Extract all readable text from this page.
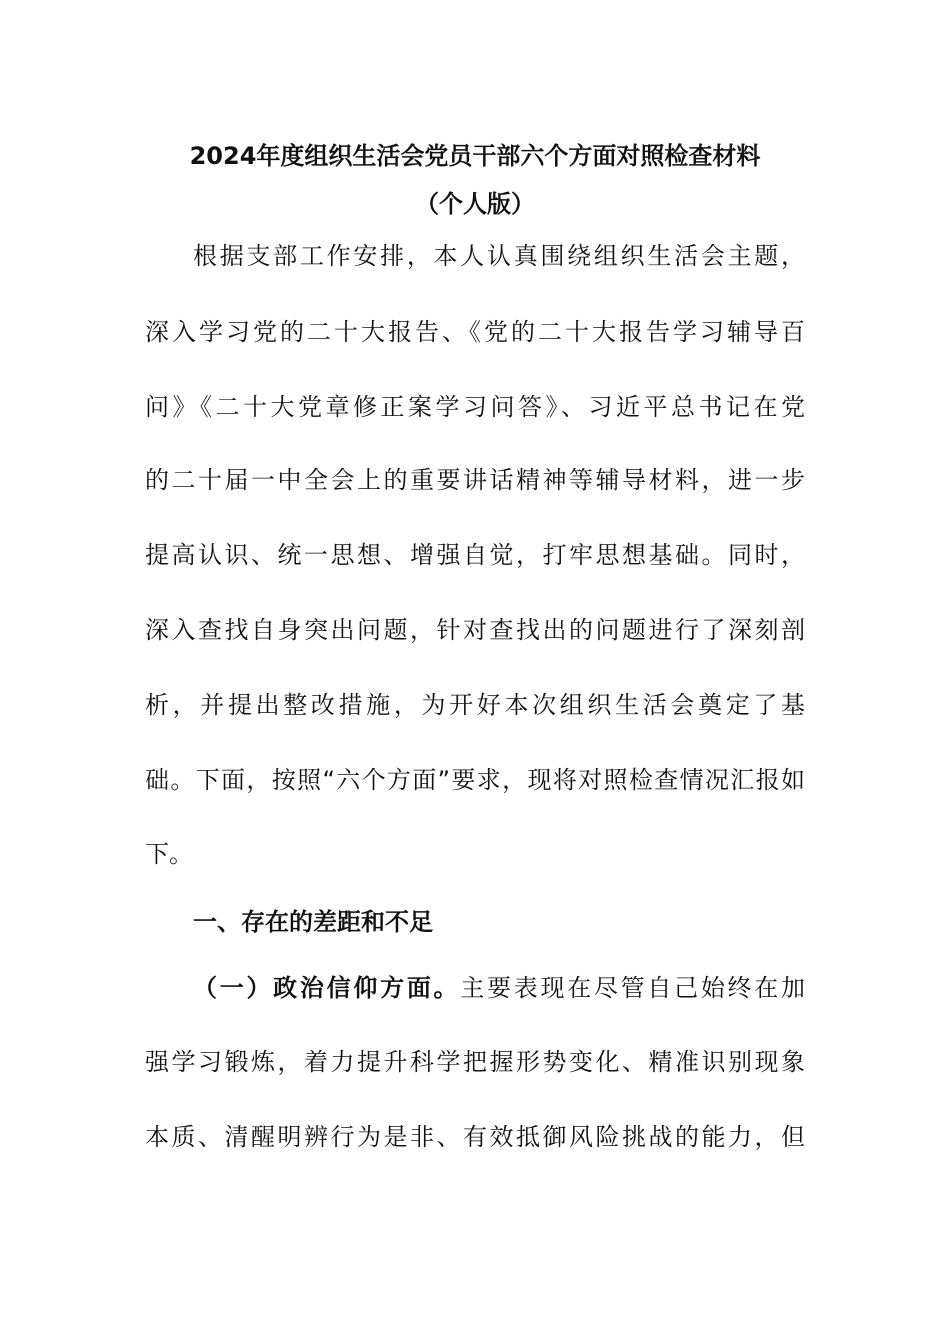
2024年度组织生活会党员干部六个方面对照检查材料
（个人版）
根据支部工作安排，本人认真围绕组织生活会主题，
深入学习党的二十大报告、《党的二十大报告学习辅导百
问》《二十大党章修正案学习问答》、习近平总书记在党
的二十届一中全会上的重要讲话精神等辅导材料，进一步
提高认识、统一思想、增强自觉，打牢思想基础。同时，
深入查找自身突出问题，针对查找出的问题进行了深刻剖
析，并提出整改措施，为开好本次组织生活会奠定了基
础。下面，按照“六个方面”要求，现将对照检查情况汇报如
下。
一、存在的差距和不足
（一）政治信仰方面。主要表现在尽管自己始终在加
强学习锻炼，着力提升科学把握形势变化、精准识别现象
本质、清醒明辨行为是非、有效抵御风险挑战的能力，但
